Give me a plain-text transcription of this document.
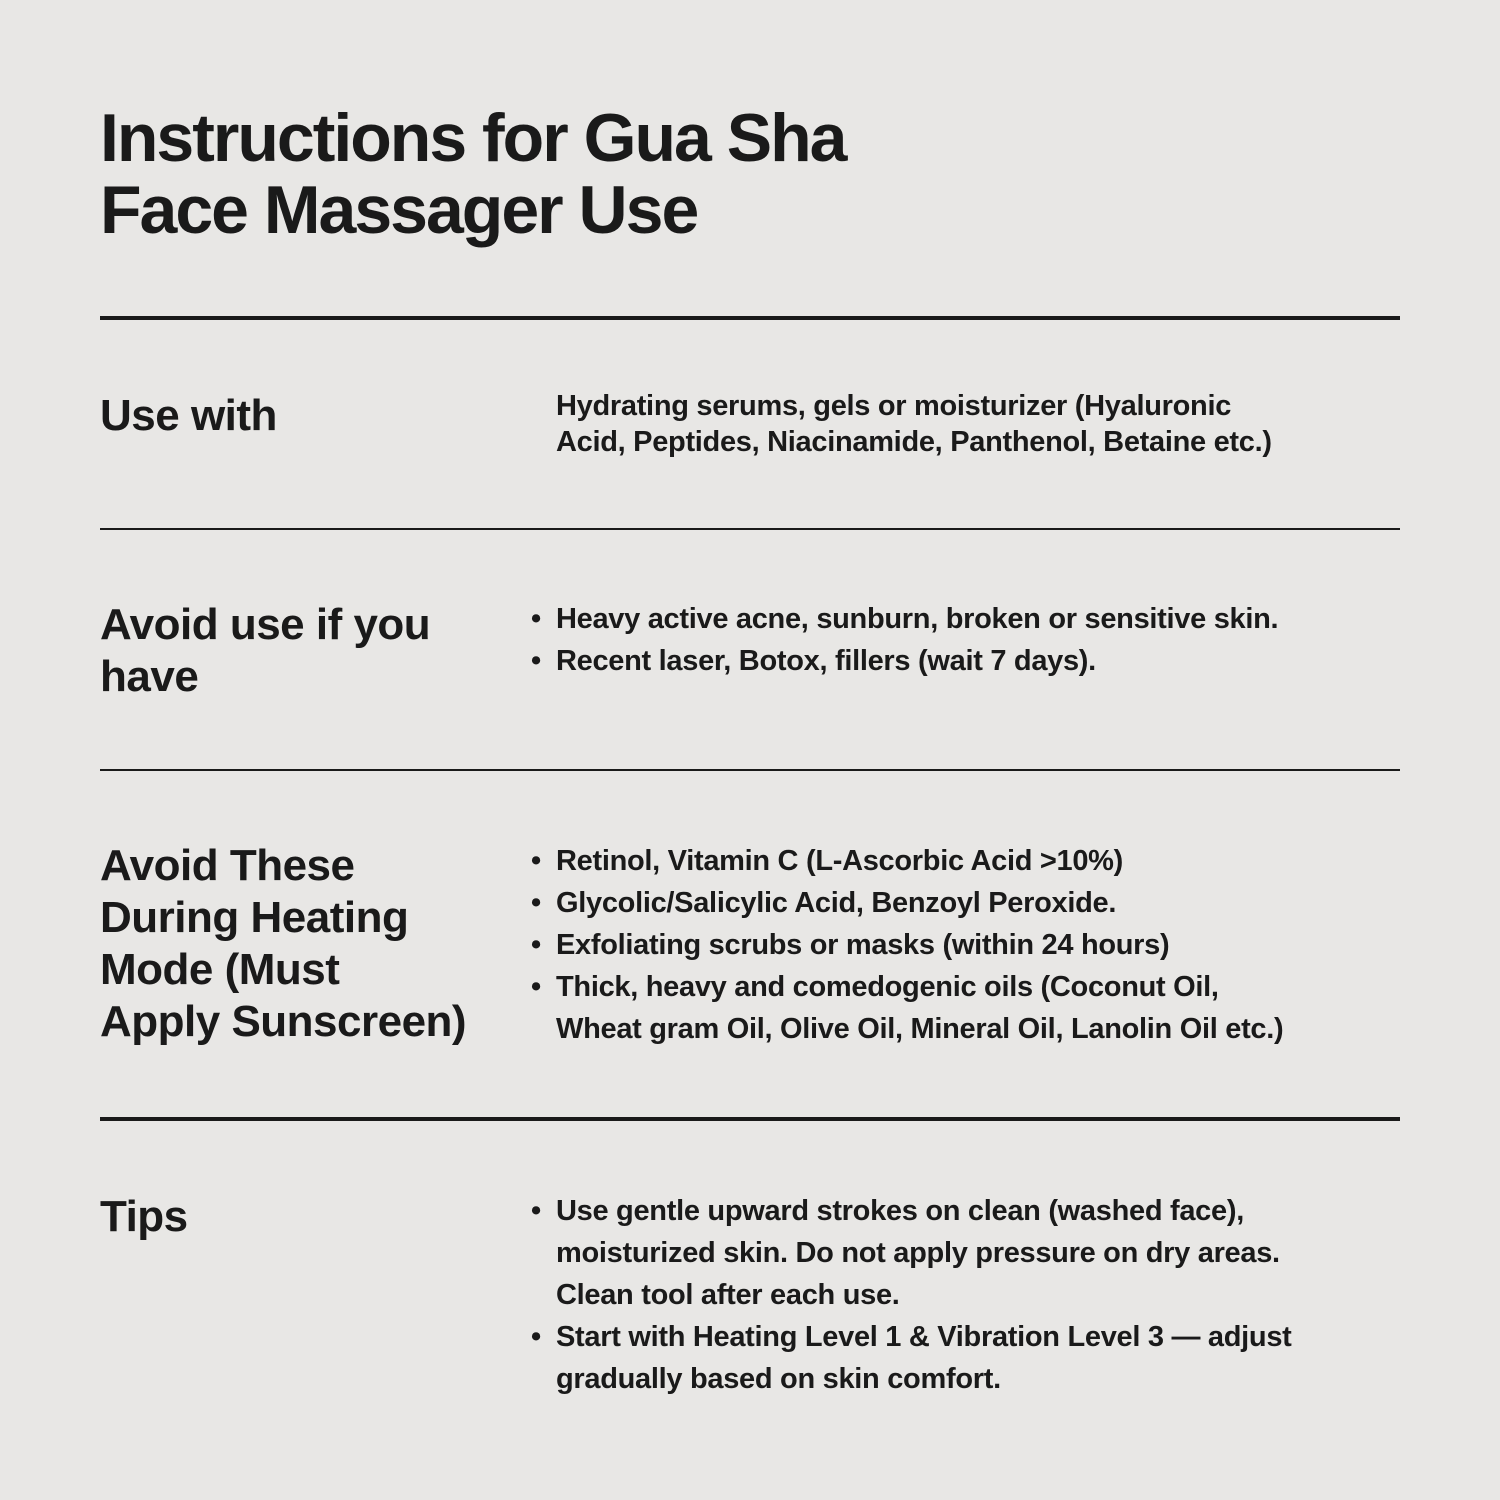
Instructions for Gua Sha
Face Massager Use
Use with	Hydrating serums, gels or moisturizer (Hyaluronic
Acid, Peptides, Niacinamide, Panthenol, Betaine etc.)
Avoid use if you
have
• Heavy active acne, sunburn, broken or sensitive skin.
• Recent laser, Botox, fillers (wait 7 days).
Avoid These
During Heating
Mode (Must
Apply Sunscreen)
• Retinol, Vitamin C (L-Ascorbic Acid >10%)
• Glycolic/Salicylic Acid, Benzoyl Peroxide.
• Exfoliating scrubs or masks (within 24 hours)
• Thick, heavy and comedogenic oils (Coconut Oil,
Wheat gram Oil, Olive Oil, Mineral Oil, Lanolin Oil etc.)
Tips	• Use gentle upward strokes on clean (washed face),
moisturized skin. Do not apply pressure on dry areas.
Clean tool after each use.
• Start with Heating Level 1 & Vibration Level 3 — adjust
gradually based on skin comfort.
